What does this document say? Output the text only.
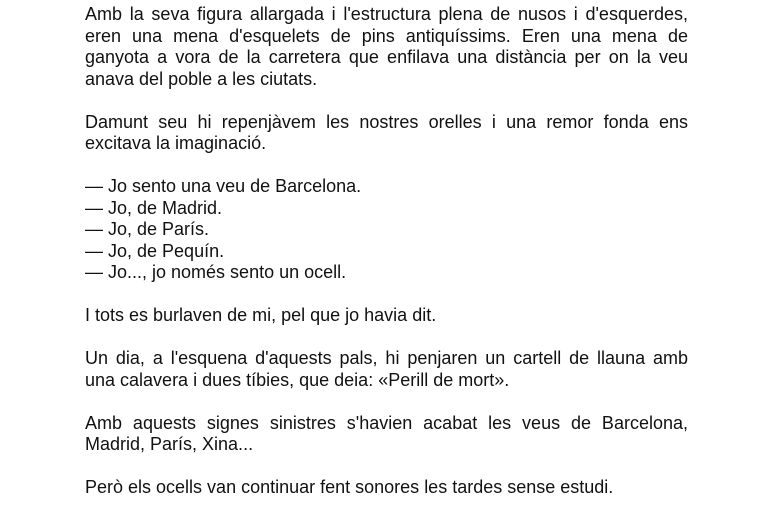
Amb la seva figura allargada i l'estructura plena de nusos i d'esquerdes, eren una mena d'esquelets de pins antiquíssims. Eren una mena de ganyota a vora de la carretera que enfilava una distància per on la veu anava del poble a les ciutats.

Damunt seu hi repenjàvem les nostres orelles i una remor fonda ens excitava la imaginació.

— Jo sento una veu de Barcelona.
— Jo, de Madrid.
— Jo, de París.
— Jo, de Pequín.
— Jo..., jo només sento un ocell.

I tots es burlaven de mi, pel que jo havia dit.

Un dia, a l'esquena d'aquests pals, hi penjaren un cartell de llauna amb una calavera i dues tíbies, que deia: «Perill de mort».

Amb aquests signes sinistres s'havien acabat les veus de Barcelona, Madrid, París, Xina...

Però els ocells van continuar fent sonores les tardes sense estudi.
